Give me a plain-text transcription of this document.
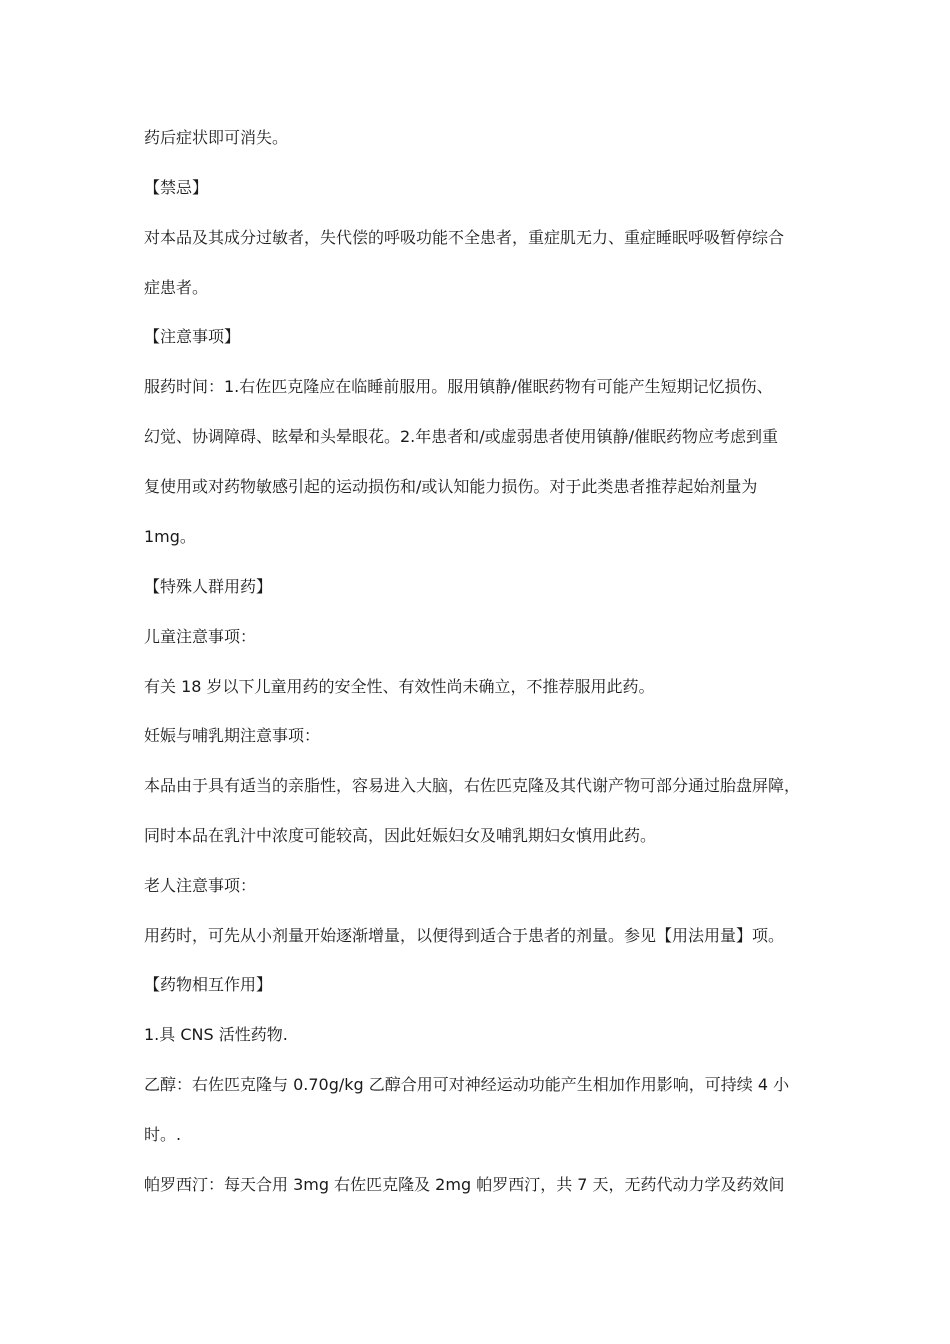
药后症状即可消失。
【禁忌】
对本品及其成分过敏者，失代偿的呼吸功能不全患者，重症肌无力、重症睡眠呼吸暂停综合
症患者。
【注意事项】
服药时间：1.右佐匹克隆应在临睡前服用。服用镇静/催眠药物有可能产生短期记忆损伤、
幻觉、协调障碍、眩晕和头晕眼花。2.年患者和/或虚弱患者使用镇静/催眠药物应考虑到重
复使用或对药物敏感引起的运动损伤和/或认知能力损伤。对于此类患者推荐起始剂量为
1mg。
【特殊人群用药】
儿童注意事项：
有关 18 岁以下儿童用药的安全性、有效性尚未确立，不推荐服用此药。
妊娠与哺乳期注意事项：
本品由于具有适当的亲脂性，容易进入大脑，右佐匹克隆及其代谢产物可部分通过胎盘屏障，
同时本品在乳汁中浓度可能较高，因此妊娠妇女及哺乳期妇女慎用此药。
老人注意事项：
用药时，可先从小剂量开始逐渐增量，以便得到适合于患者的剂量。参见【用法用量】项。
【药物相互作用】
1.具 CNS 活性药物.
乙醇：右佐匹克隆与 0.70g/kg 乙醇合用可对神经运动功能产生相加作用影响，可持续 4 小
时。.
帕罗西汀：每天合用 3mg 右佐匹克隆及 2mg 帕罗西汀，共 7 天，无药代动力学及药效间
